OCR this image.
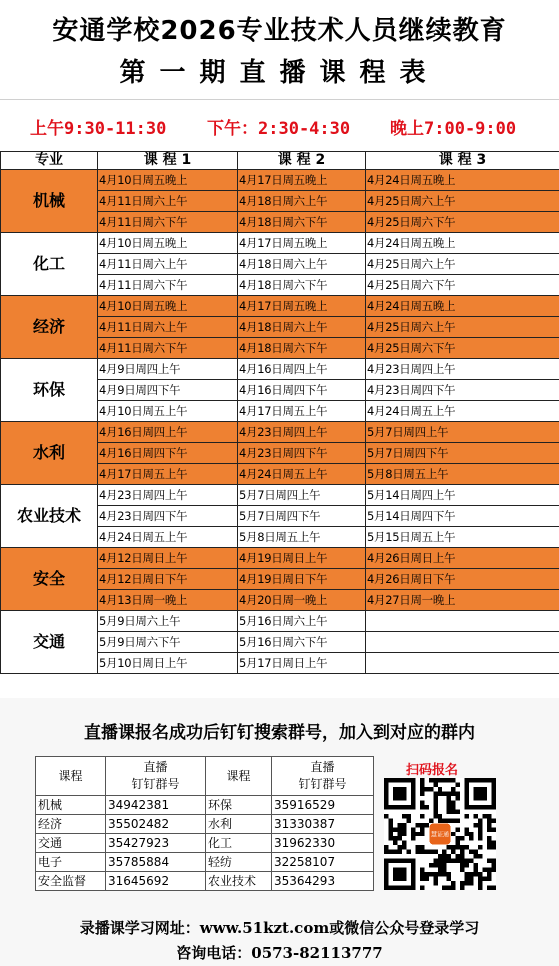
安通学校2026专业技术人员继续教育
第一期直播课程表
上午9:30-11:30 下午：2:30-4:30 晚上7:00-9:00
专业	课 程 1	课 程 2	课 程 3
机械	4月10日周五晚上	4月17日周五晚上	4月24日周五晚上
	4月11日周六上午	4月18日周六上午	4月25日周六上午
	4月11日周六下午	4月18日周六下午	4月25日周六下午
化工	4月10日周五晚上	4月17日周五晚上	4月24日周五晚上
	4月11日周六上午	4月18日周六上午	4月25日周六上午
	4月11日周六下午	4月18日周六下午	4月25日周六下午
经济	4月10日周五晚上	4月17日周五晚上	4月24日周五晚上
	4月11日周六上午	4月18日周六上午	4月25日周六上午
	4月11日周六下午	4月18日周六下午	4月25日周六下午
环保	4月9日周四上午	4月16日周四上午	4月23日周四上午
	4月9日周四下午	4月16日周四下午	4月23日周四下午
	4月10日周五上午	4月17日周五上午	4月24日周五上午
水利	4月16日周四上午	4月23日周四上午	5月7日周四上午
	4月16日周四下午	4月23日周四下午	5月7日周四下午
	4月17日周五上午	4月24日周五上午	5月8日周五上午
农业技术	4月23日周四上午	5月7日周四上午	5月14日周四上午
	4月23日周四下午	5月7日周四下午	5月14日周四下午
	4月24日周五上午	5月8日周五上午	5月15日周五上午
安全	4月12日周日上午	4月19日周日上午	4月26日周日上午
	4月12日周日下午	4月19日周日下午	4月26日周日下午
	4月13日周一晚上	4月20日周一晚上	4月27日周一晚上
交通	5月9日周六上午	5月16日周六上午	
	5月9日周六下午	5月16日周六下午	
	5月10日周日上午	5月17日周日上午	
直播课报名成功后钉钉搜索群号，加入到对应的群内
课程	直播
钉钉群号	课程	直播
钉钉群号
机械	34942381	环保	35916529
经济	35502482	水利	31330387
交通	35427923	化工	31962330
电子	35785884	轻纺	32258107
安全监督	31645692	农业技术	35364293
扫码报名
慧证通
录播课学习网址：www.51kzt.com或微信公众号登录学习
咨询电话：0573-82113777
